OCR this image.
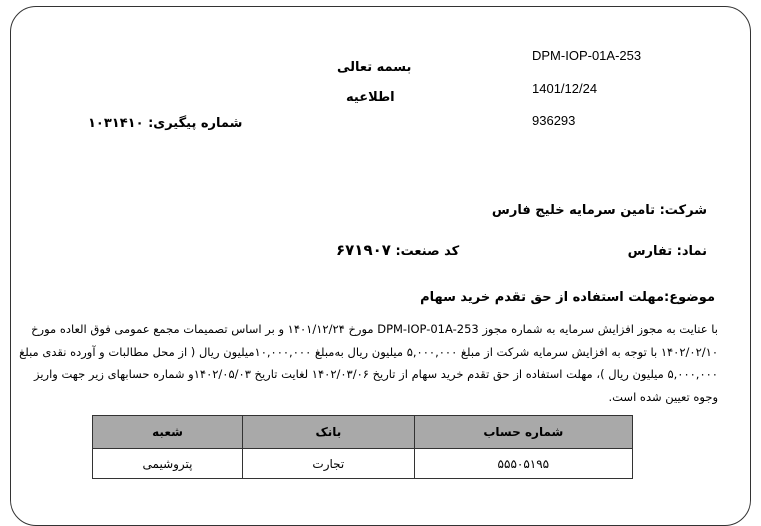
بسمه تعالی
اطلاعیه
شماره پیگیری: ۱۰۳۱۴۱۰
DPM-IOP-01A-253
1401/12/24
936293
شرکت: تامین سرمایه خلیج فارس
نماد: تفارس
کد صنعت: ۶۷۱۹۰۷
موضوع:مهلت استفاده از حق تقدم خرید سهام
با عنایت به مجوز افزایش سرمایه به شماره مجوز DPM-IOP-01A-253 مورخ ۱۴۰۱/۱۲/۲۴ و بر اساس تصمیمات مجمع عمومی فوق العاده مورخ ۱۴۰۲/۰۲/۱۰ با توجه به افزایش سرمایه شرکت از مبلغ ۵,۰۰۰,۰۰۰ میلیون ریال به‌مبلغ ۱۰,۰۰۰,۰۰۰میلیون ریال ( از محل مطالبات و آورده نقدی مبلغ ۵,۰۰۰,۰۰۰ میلیون ریال )، مهلت استفاده از حق تقدم خرید سهام از تاریخ ۱۴۰۲/۰۳/۰۶ لغایت تاریخ ۱۴۰۲/۰۵/۰۳و شماره حسابهای زیر جهت واریز وجوه تعیین شده است.
شماره حساب	بانک	شعبه
۵۵۵۰۵۱۹۵	تجارت	پتروشیمی
